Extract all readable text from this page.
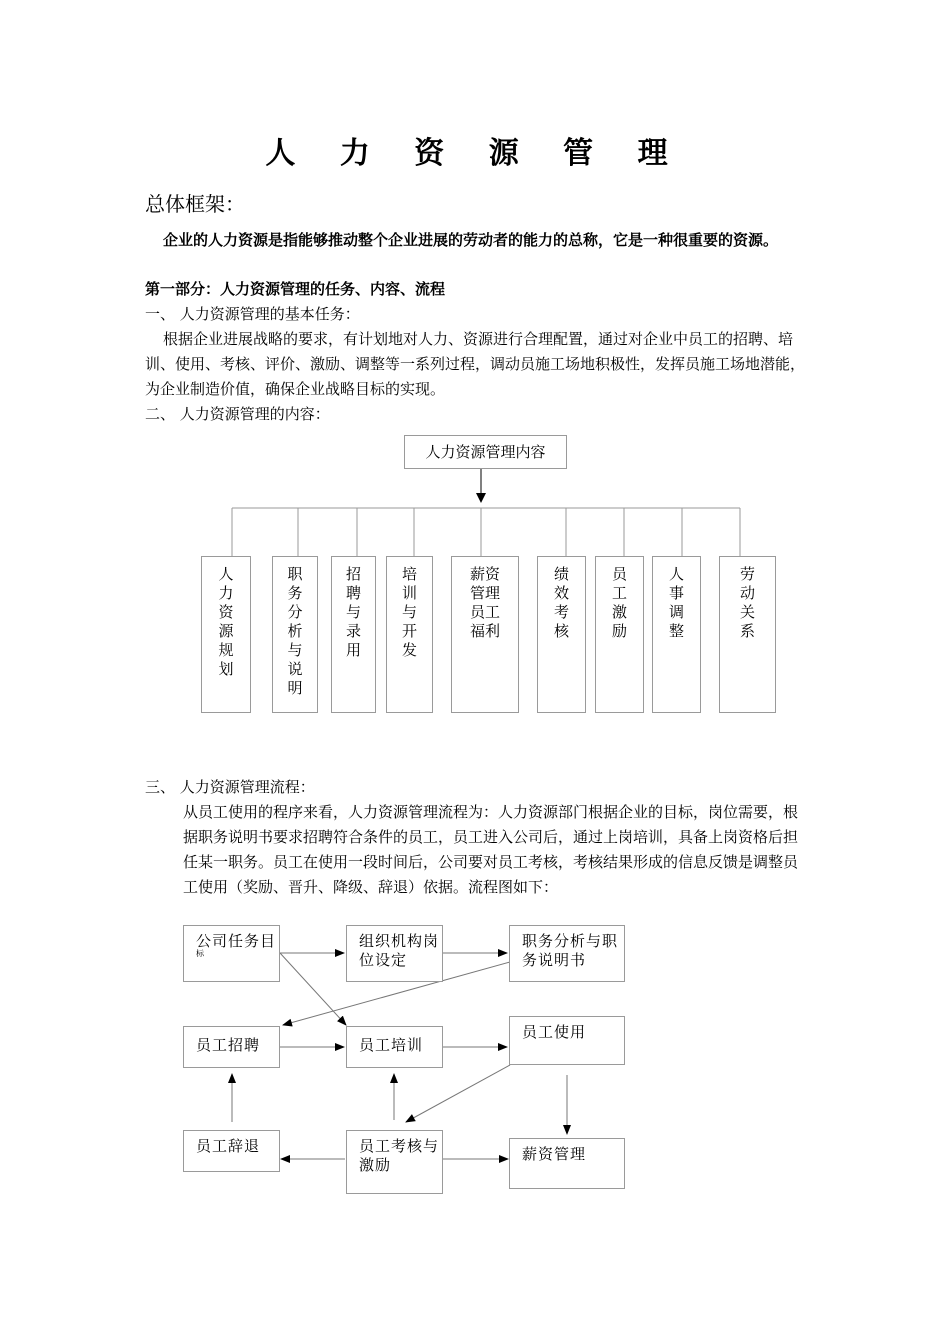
人 力 资 源 管 理
总体框架：
企业的人力资源是指能够推动整个企业进展的劳动者的能力的总称，它是一种很重要的资源。
第一部分：人力资源管理的任务、内容、流程
一、 人力资源管理的基本任务：
根据企业进展战略的要求，有计划地对人力、资源进行合理配置，通过对企业中员工的招聘、培训、使用、考核、评价、激励、调整等一系列过程，调动员施工场地积极性，发挥员施工场地潜能，为企业制造价值，确保企业战略目标的实现。
二、 人力资源管理的内容：
人力资源管理内容
人力资源规划
职务分析与说明
招聘与录用
培训与开发
薪资管理员工福利
绩效考核
员工激励
人事调整
劳动关系
三、 人力资源管理流程：
从员工使用的程序来看，人力资源管理流程为：人力资源部门根据企业的目标，岗位需要，根据职务说明书要求招聘符合条件的员工，员工进入公司后，通过上岗培训，具备上岗资格后担任某一职务。员工在使用一段时间后，公司要对员工考核，考核结果形成的信息反馈是调整员工使用（奖励、晋升、降级、辞退）依据。流程图如下：
公司任务目

标
组织机构岗位设定
职务分析与职务说明书
员工招聘	员工培训
员工使用
员工辞退	员工考核与激励
薪资管理
